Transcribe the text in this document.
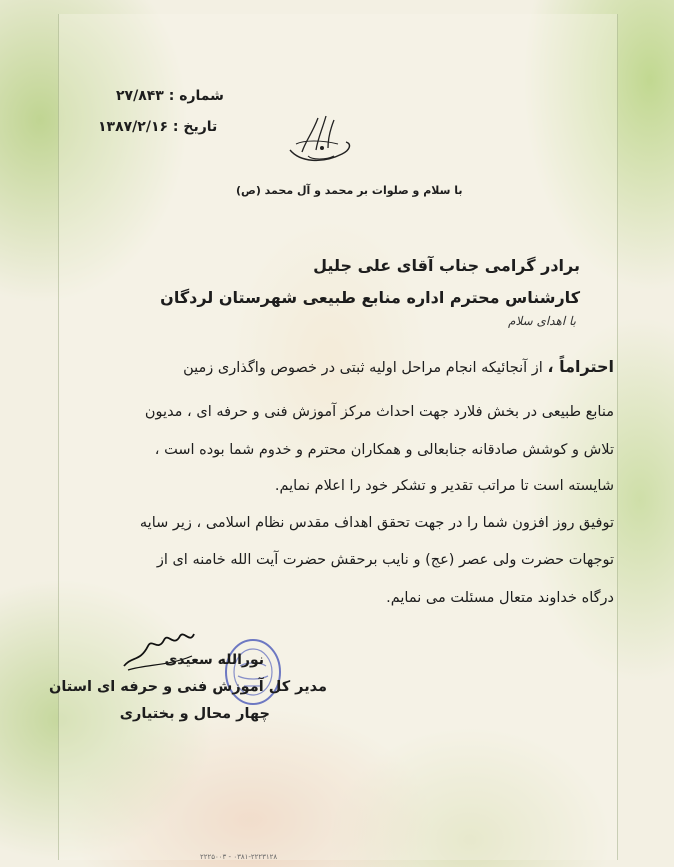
شماره : ۲۷/۸۴۳
تاریخ : ۱۳۸۷/۲/۱۶
با سلام و صلوات بر محمد و آل محمد (ص)
برادر گرامی جناب آقای علی جلیل
کارشناس محترم اداره منابع طبیعی شهرستان لردگان
با اهدای سلام
احتراماً ، از آنجائیکه انجام مراحل اولیه ثبتی در خصوص واگذاری زمین
منابع طبیعی در بخش فلارد جهت احداث مرکز آموزش فنی و حرفه ای ، مدیون
تلاش و کوشش صادقانه جنابعالی و همکاران محترم و خدوم شما بوده است ،
شایسته است تا مراتب تقدیر و تشکر خود را اعلام نمایم.
توفیق روز افزون شما را در جهت تحقق اهداف مقدس نظام اسلامی ، زیر سایه
توجهات حضرت ولی عصر (عج) و نایب برحقش حضرت آیت الله خامنه ای از
درگاه خداوند متعال مسئلت می نمایم.
نورالله سعیدی
مدیر کل آموزش فنی و حرفه ای استان
چهار محال و بختیاری
۰۳۸۱-۲۲۲۳۱۲۸ - ۲۲۲۵۰۰۳
